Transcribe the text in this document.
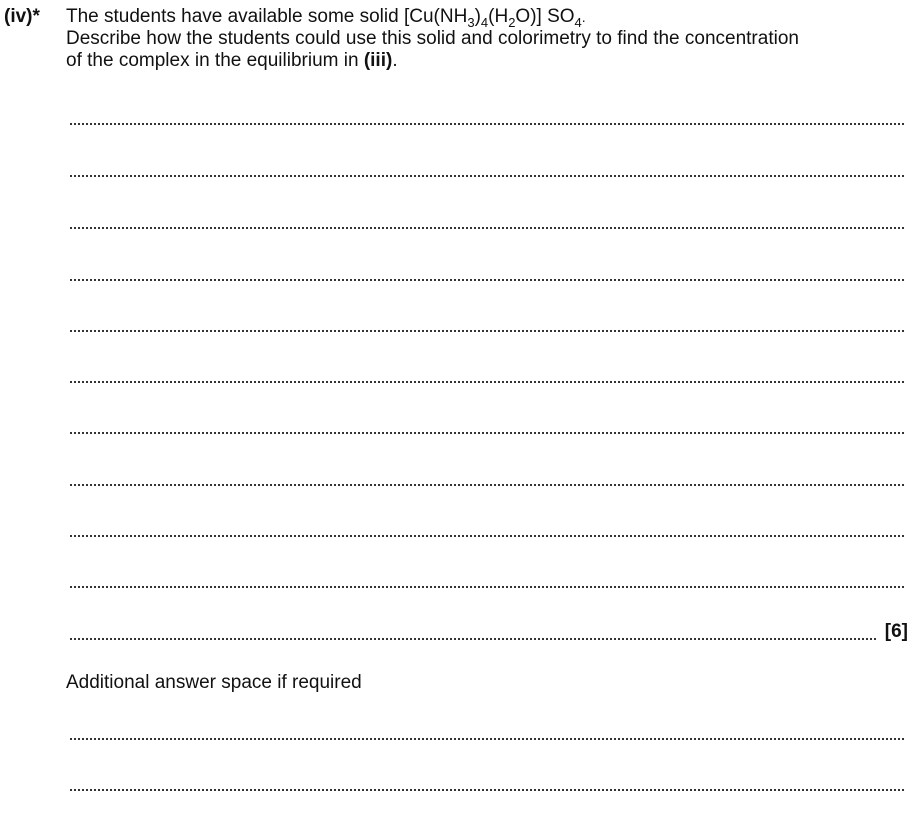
(iv)* The students have available some solid $[Cu(NH_3)_4(H_2O)]$ $SO_4$.

Describe how the students could use this solid and colorimetry to find the concentration

of the complex in the equilibrium in (iii).

[6]
Additional answer space if required
